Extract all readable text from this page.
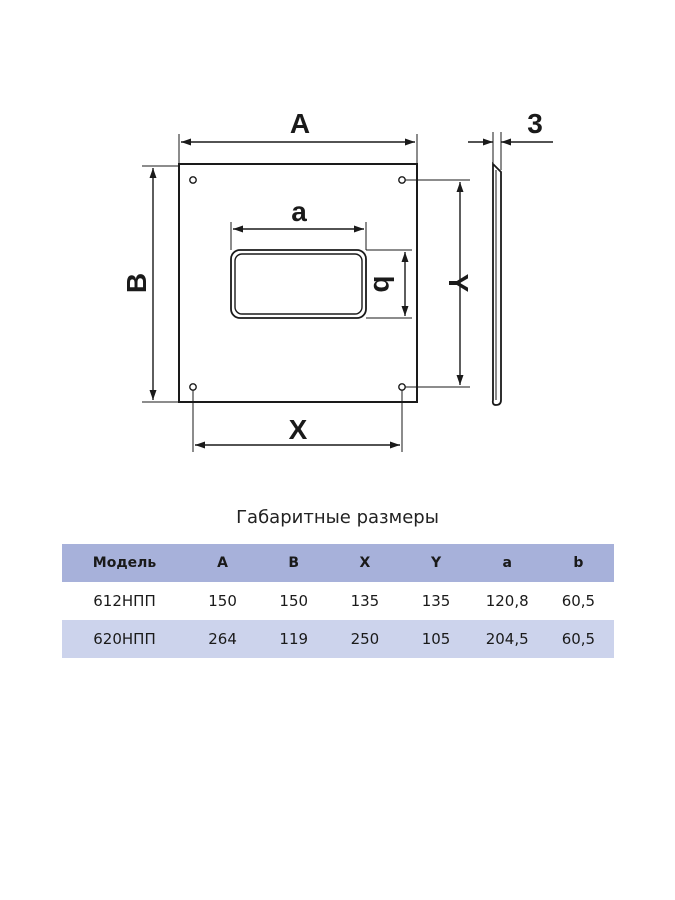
A
B
X
Y
a
b
3
Габаритные размеры
Модель	A	B	X	Y	a	b
612НПП	150	150	135	135	120,8	60,5
620НПП	264	119	250	105	204,5	60,5
